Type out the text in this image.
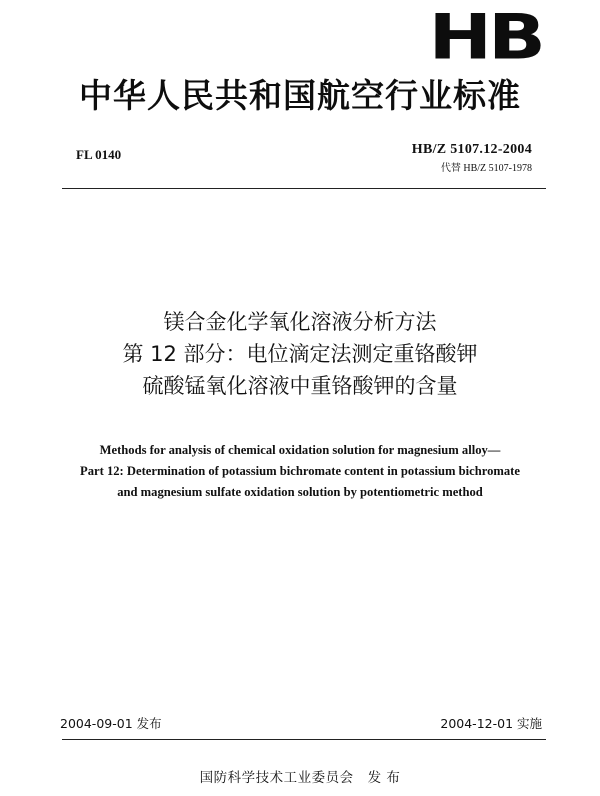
HB
中华人民共和国航空行业标准
FL 0140	HB/Z 5107.12-2004
代替 HB/Z 5107-1978
镁合金化学氧化溶液分析方法
第 12 部分：电位滴定法测定重铬酸钾
硫酸锰氧化溶液中重铬酸钾的含量
Methods for analysis of chemical oxidation solution for magnesium alloy—
Part 12: Determination of potassium bichromate content in potassium bichromate
and magnesium sulfate oxidation solution by potentiometric method
2004-09-01 发布	2004-12-01 实施
国防科学技术工业委员会　发 布
